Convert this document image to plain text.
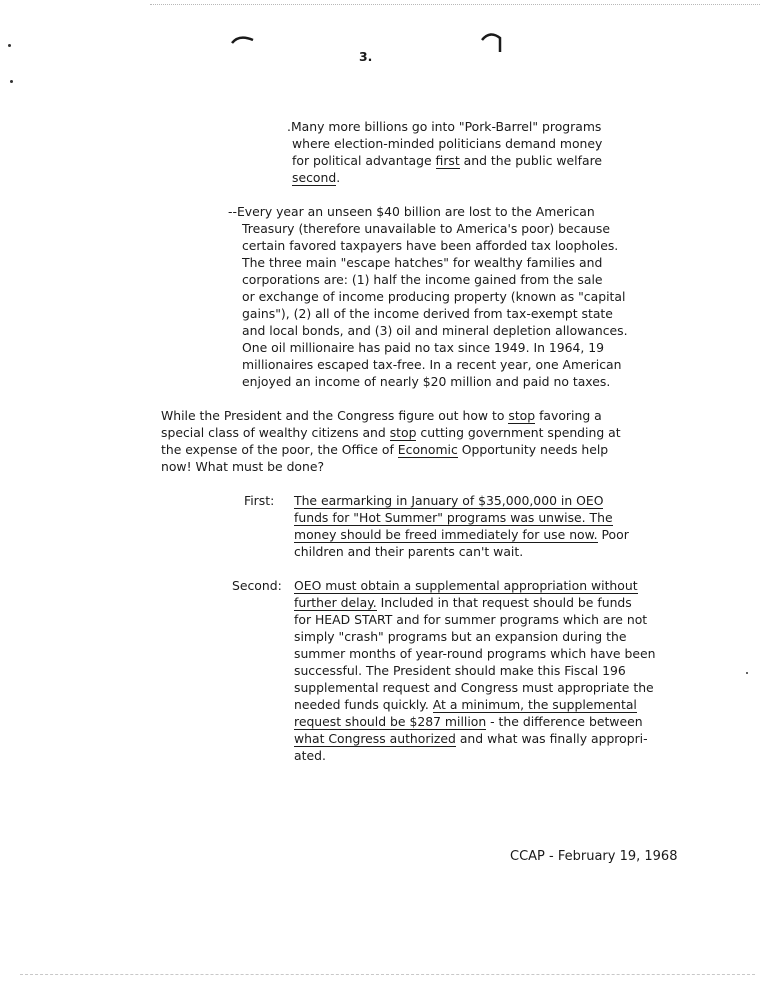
3.
.Many more billions go into "Pork-Barrel" programs
where election-minded politicians demand money
for political advantage first and the public welfare
second.
--Every year an unseen $40 billion are lost to the American
Treasury (therefore unavailable to America's poor) because
certain favored taxpayers have been afforded tax loopholes.
The three main "escape hatches" for wealthy families and
corporations are: (1) half the income gained from the sale
or exchange of income producing property (known as "capital
gains"), (2) all of the income derived from tax-exempt state
and local bonds, and (3) oil and mineral depletion allowances.
One oil millionaire has paid no tax since 1949. In 1964, 19
millionaires escaped tax-free. In a recent year, one American
enjoyed an income of nearly $20 million and paid no taxes.
While the President and the Congress figure out how to stop favoring a
special class of wealthy citizens and stop cutting government spending at
the expense of the poor, the Office of Economic Opportunity needs help
now! What must be done?
First: The earmarking in January of $35,000,000 in OEO
funds for "Hot Summer" programs was unwise. The
money should be freed immediately for use now. Poor
children and their parents can't wait.
Second: OEO must obtain a supplemental appropriation without
further delay. Included in that request should be funds
for HEAD START and for summer programs which are not
simply "crash" programs but an expansion during the
summer months of year-round programs which have been
successful. The President should make this Fiscal 196
supplemental request and Congress must appropriate the
needed funds quickly. At a minimum, the supplemental
request should be $287 million - the difference between
what Congress authorized and what was finally appropri-
ated.
CCAP - February 19, 1968
